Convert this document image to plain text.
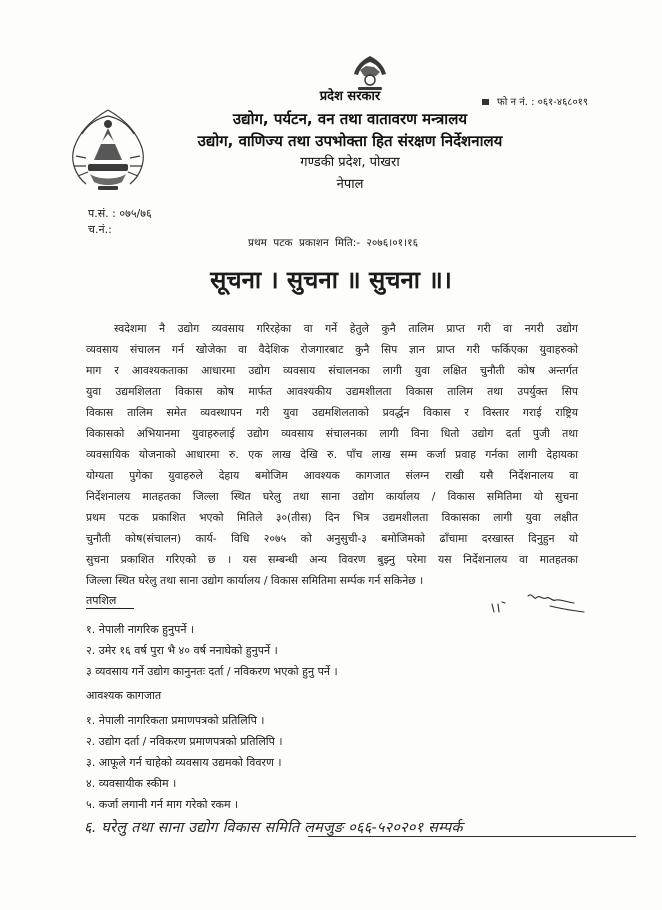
प्रदेश सरकार
उद्योग, पर्यटन, वन तथा वातावरण मन्त्रालय
उद्योग, वाणिज्य तथा उपभोक्ता हित संरक्षण निर्देशनालय
गण्डकी प्रदेश, पोखरा
नेपाल
फो न नं. : ०६१-४६८०१९
प.सं. : ०७५/७६
च.नं.:
प्रथम पटक प्रकाशन मिति:- २०७६।०१।१६
सूचना । सुचना ॥ सुचना ॥।
स्वदेशमा नै उद्योग व्यवसाय गरिरहेका वा गर्ने हेतुले कुनै तालिम प्राप्त गरी वा नगरी उद्योग
व्यवसाय संचालन गर्न खोजेका वा वैदेशिक रोजगारबाट कुनै सिप ज्ञान प्राप्त गरी फर्किएका युवाहरुको
माग र आवश्यकताका आधारमा उद्योग व्यवसाय संचालनका लागी युवा लक्षित चुनौती कोष अन्तर्गत
युवा उद्यमशिलता विकास कोष मार्फत आवश्यकीय उद्यमशीलता विकास तालिम तथा उपर्युक्त सिप
विकास तालिम समेत व्यवस्थापन गरी युवा उद्यमशिलताको प्रवर्द्धन विकास र विस्तार गराई राष्ट्रिय
विकासको अभियानमा युवाहरुलाई उद्योग व्यवसाय संचालनका लागी विना धितो उद्योग दर्ता पुजी तथा
व्यवसायिक योजनाको आधारमा रु. एक लाख देखि रु. पाँच लाख सम्म कर्जा प्रवाह गर्नका लागी देहायका
योग्यता पुगेका युवाहरुले देहाय बमोजिम आवश्यक कागजात संलग्न राखी यसै निर्देशनालय वा
निर्देशनालय मातहतका जिल्ला स्थित घरेलु तथा साना उद्योग कार्यालय / विकास समितिमा यो सुचना
प्रथम पटक प्रकाशित भएको मितिले ३०(तीस) दिन भित्र उद्यमशीलता विकासका लागी युवा लक्षीत
चुनौती कोष(संचालन) कार्य- विधि २०७५ को अनुसुची-३ बमोजिमको ढाँचामा दरखास्त दिनुहुन यो
सुचना प्रकाशित गरिएको छ । यस सम्बन्धी अन्य विवरण बुझ्नु परेमा यस निर्देशनालय वा मातहतका
जिल्ला स्थित घरेलु तथा साना उद्योग कार्यालय / विकास समितिमा सर्म्पक गर्न सकिनेछ ।
तपशिल
१. नेपाली नागरिक हुनुपर्ने ।
२. उमेर १६ वर्ष पुरा भै ४० वर्ष ननाघेको हुनुपर्ने ।
३ व्यवसाय गर्ने उद्योग कानुनतः दर्ता / नविकरण भएको हुनु पर्ने ।
आवश्यक कागजात
१. नेपाली नागरिकता प्रमाणपत्रको प्रतिलिपि ।
२. उद्योग दर्ता / नविकरण प्रमाणपत्रको प्रतिलिपि ।
३. आफूले गर्न चाहेको व्यवसाय उद्यमको विवरण ।
४. व्यवसायीक स्कीम ।
५. कर्जा लगानी गर्न माग गरेको रकम ।
६. घरेलु तथा साना उद्योग विकास समिति लमजुङ ०६६-५२०२०१ सम्पर्क
